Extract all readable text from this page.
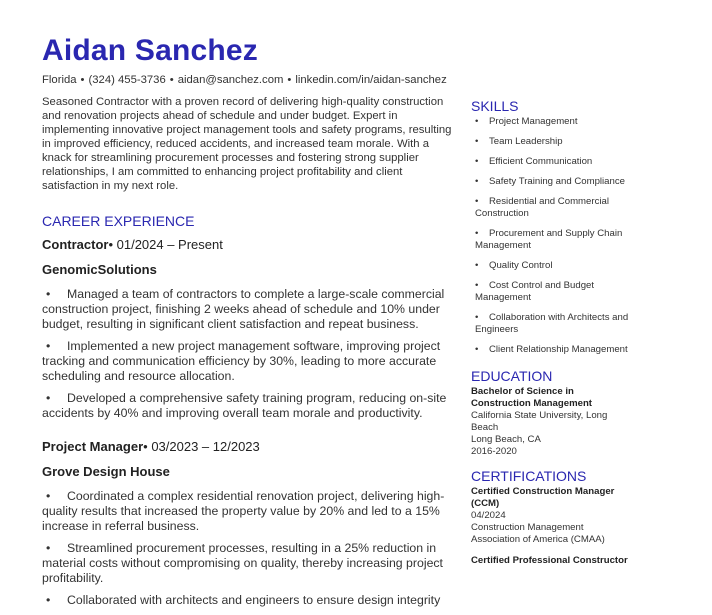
Aidan Sanchez
Florida • (324) 455-3736 • aidan@sanchez.com • linkedin.com/in/aidan-sanchez
Seasoned Contractor with a proven record of delivering high-quality construction and renovation projects ahead of schedule and under budget. Expert in implementing innovative project management tools and safety programs, resulting in improved efficiency, reduced accidents, and increased team morale. With a knack for streamlining procurement processes and fostering strong supplier relationships, I am committed to enhancing project profitability and client satisfaction in my next role.
CAREER EXPERIENCE
Contractor• 01/2024 – Present
GenomicSolutions
• Managed a team of contractors to complete a large-scale commercial construction project, finishing 2 weeks ahead of schedule and 10% under budget, resulting in significant client satisfaction and repeat business.
• Implemented a new project management software, improving project tracking and communication efficiency by 30%, leading to more accurate scheduling and resource allocation.
• Developed a comprehensive safety training program, reducing on-site accidents by 40% and improving overall team morale and productivity.
Project Manager• 03/2023 – 12/2023
Grove Design House
• Coordinated a complex residential renovation project, delivering high-quality results that increased the property value by 20% and led to a 15% increase in referral business.
• Streamlined procurement processes, resulting in a 25% reduction in material costs without compromising on quality, thereby increasing project profitability.
• Collaborated with architects and engineers to ensure design integrity
SKILLS
• Project Management
• Team Leadership
• Efficient Communication
• Safety Training and Compliance
• Residential and Commercial Construction
• Procurement and Supply Chain Management
• Quality Control
• Cost Control and Budget Management
• Collaboration with Architects and Engineers
• Client Relationship Management
EDUCATION
Bachelor of Science in Construction Management
California State University, Long Beach
Long Beach, CA
2016-2020
CERTIFICATIONS
Certified Construction Manager (CCM)
04/2024
Construction Management Association of America (CMAA)
Certified Professional Constructor
